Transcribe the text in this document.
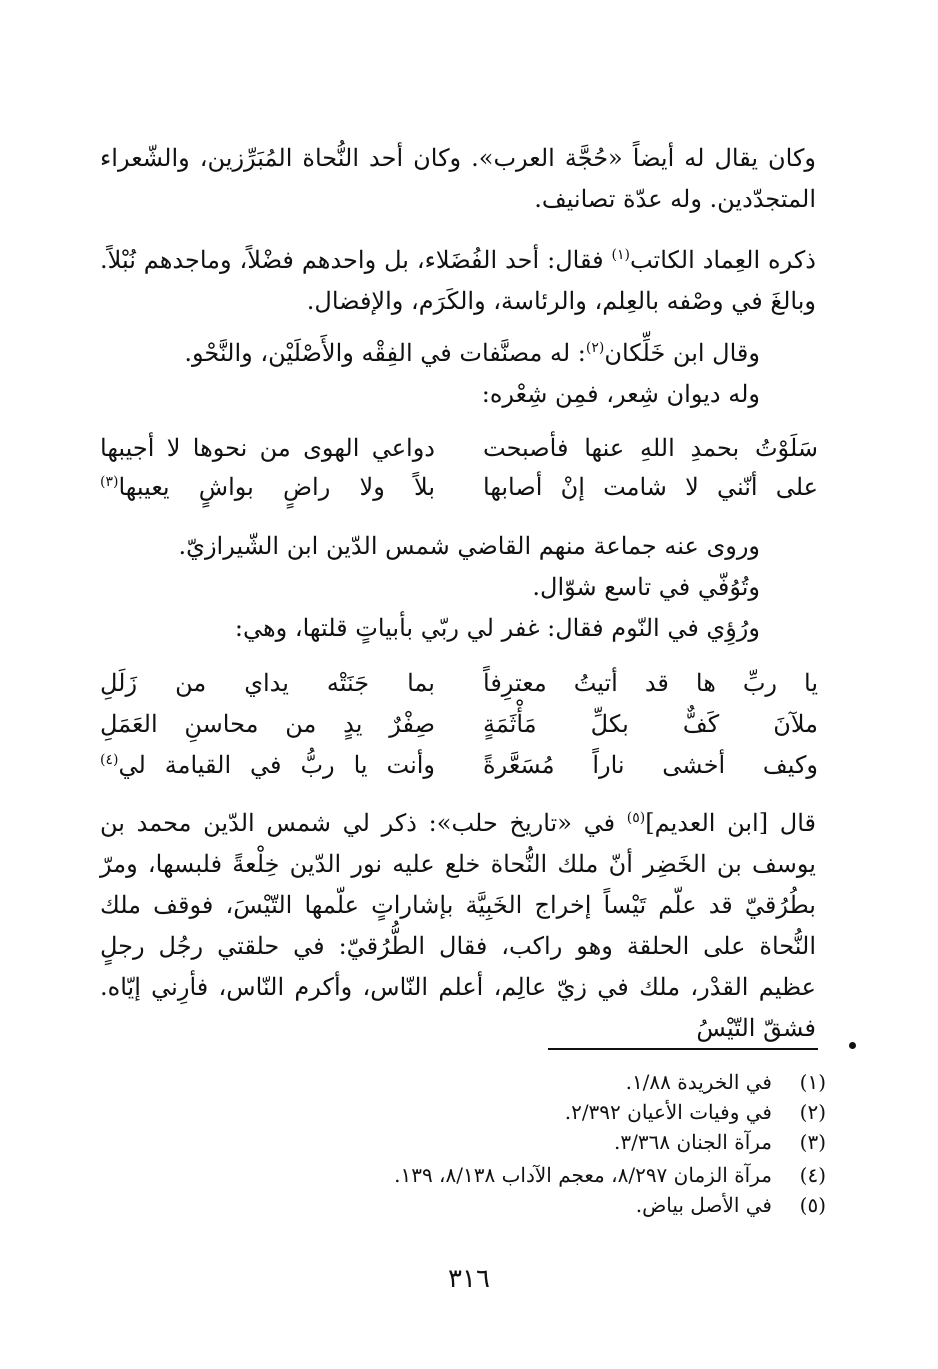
وكان يقال له أيضاً «حُجَّة العرب». وكان أحد النُّحاة المُبَرِّزين، والشّعراء المتجدّدين. وله عدّة تصانيف.

ذكره العِماد الكاتب$^{(١)}$ فقال: أحد الفُضَلاء، بل واحدهم فضْلاً، وماجدهم نُبْلاً. وبالغَ في وصْفه بالعِلم، والرئاسة، والكَرَم، والإفضال.

وقال ابن خَلِّكان$^{(٢)}$: له مصنَّفات في الفِقْه والأَصْلَيْن، والنَّحْو.
وله ديوان شِعر، فمِن شِعْره:
سَلَوْتُ بحمدِ اللهِ عنها فأصبحت
دواعي الهوى من نحوها لا أجيبها
على أنّني لا شامت إنْ أصابها
بلاً ولا راضٍ بواشٍ يعيبها$^{(٣)}$
وروى عنه جماعة منهم القاضي شمس الدّين ابن الشّيرازيّ.
وتُوُفّي في تاسع شوّال.
ورُؤِي في النّوم فقال: غفر لي ربّي بأبياتٍ قلتها، وهي:
يا ربِّ ها قد أتيتُ معترِفاً
بما جَنَتْه يداي من زَلَلِ
ملآنَ كَفٌّ بكلِّ مَأْثَمَةٍ
صِفْرٌ يدٍ من محاسنِ العَمَلِ
وكيف أخشى ناراً مُسَعَّرةً
وأنت يا ربُّ في القيامة لي$^{(٤)}$

قال [ابن العديم]$^{(٥)}$ في «تاريخ حلب»: ذكر لي شمس الدّين محمد بن يوسف بن الخَضِر أنّ ملك النُّحاة خلع عليه نور الدّين خِلْعةً فلبسها، ومرّ بطُرُقيّ قد علّم تَيْساً إخراج الخَبِيَّة بإشاراتٍ علّمها التّيْسَ، فوقف ملك النُّحاة على الحلقة وهو راكب، فقال الطُّرُقيّ: في حلقتي رجُل رجلٍ عظيم القدْر، ملك في زيّ عالِم، أعلم النّاس، وأكرم النّاس، فأرِني إيّاه. فشقّ التّيْسُ

(١)في الخريدة ١/٨٨.
(٢)في وفيات الأعيان ٢/٣٩٢.
(٣)مرآة الجنان ٣/٣٦٨.
(٤)مرآة الزمان ٨/٢٩٧، معجم الآداب ٨/١٣٨، ١٣٩.
(٥)في الأصل بياض.
٣١٦
